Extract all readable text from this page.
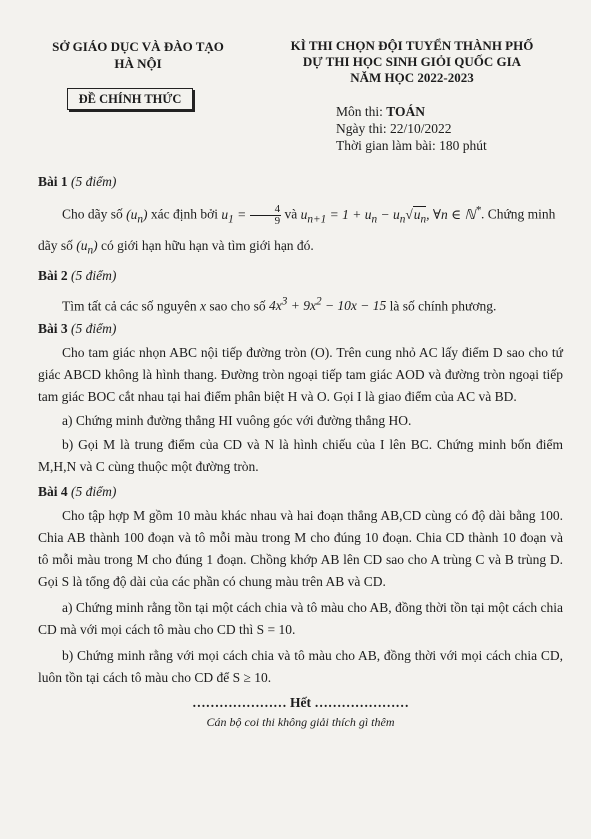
SỞ GIÁO DỤC VÀ ĐÀO TẠO
HÀ NỘI
KÌ THI CHỌN ĐỘI TUYỂN THÀNH PHỐ
DỰ THI HỌC SINH GIỎI QUỐC GIA
NĂM HỌC 2022-2023
ĐỀ CHÍNH THỨC
Môn thi: TOÁN
Ngày thi: 22/10/2022
Thời gian làm bài: 180 phút
Bài 1 (5 điểm)

Cho dãy số $(u_n)$ xác định bởi $u_1 = \frac{4}{9}$ và $u_{n+1} = 1 + u_n - u_n√u_n$, ∀n ∈ ℕ*. Chứng minh

dãy số $(u_n)$ có giới hạn hữu hạn và tìm giới hạn đó.

Bài 2 (5 điểm)

Tìm tất cả các số nguyên x sao cho số $4x^3 + 9x^2 - 10x - 15$ là số chính phương.

Bài 3 (5 điểm)

Cho tam giác nhọn ABC nội tiếp đường tròn (O). Trên cung nhỏ AC lấy điểm D sao cho tứ giác ABCD không là hình thang. Đường tròn ngoại tiếp tam giác AOD và đường tròn ngoại tiếp tam giác BOC cắt nhau tại hai điểm phân biệt H và O. Gọi I là giao điểm của AC và BD.

a) Chứng minh đường thẳng HI vuông góc với đường thẳng HO.

b) Gọi M là trung điểm của CD và N là hình chiếu của I lên BC. Chứng minh bốn điểm M,H,N và C cùng thuộc một đường tròn.

Bài 4 (5 điểm)

Cho tập hợp M gồm 10 màu khác nhau và hai đoạn thẳng AB,CD cùng có độ dài bằng 100. Chia AB thành 100 đoạn và tô mỗi màu trong M cho đúng 10 đoạn. Chia CD thành 10 đoạn và tô mỗi màu trong M cho đúng 1 đoạn. Chồng khớp AB lên CD sao cho A trùng C và B trùng D. Gọi S là tổng độ dài của các phần có chung màu trên AB và CD.

a) Chứng minh rằng tồn tại một cách chia và tô màu cho AB, đồng thời tồn tại một cách chia CD mà với mọi cách tô màu cho CD thì S = 10.

b) Chứng minh rằng với mọi cách chia và tô màu cho AB, đồng thời với mọi cách chia CD, luôn tồn tại cách tô màu cho CD để S ≥ 10.

………………… Hết …………………
Cán bộ coi thi không giải thích gì thêm
